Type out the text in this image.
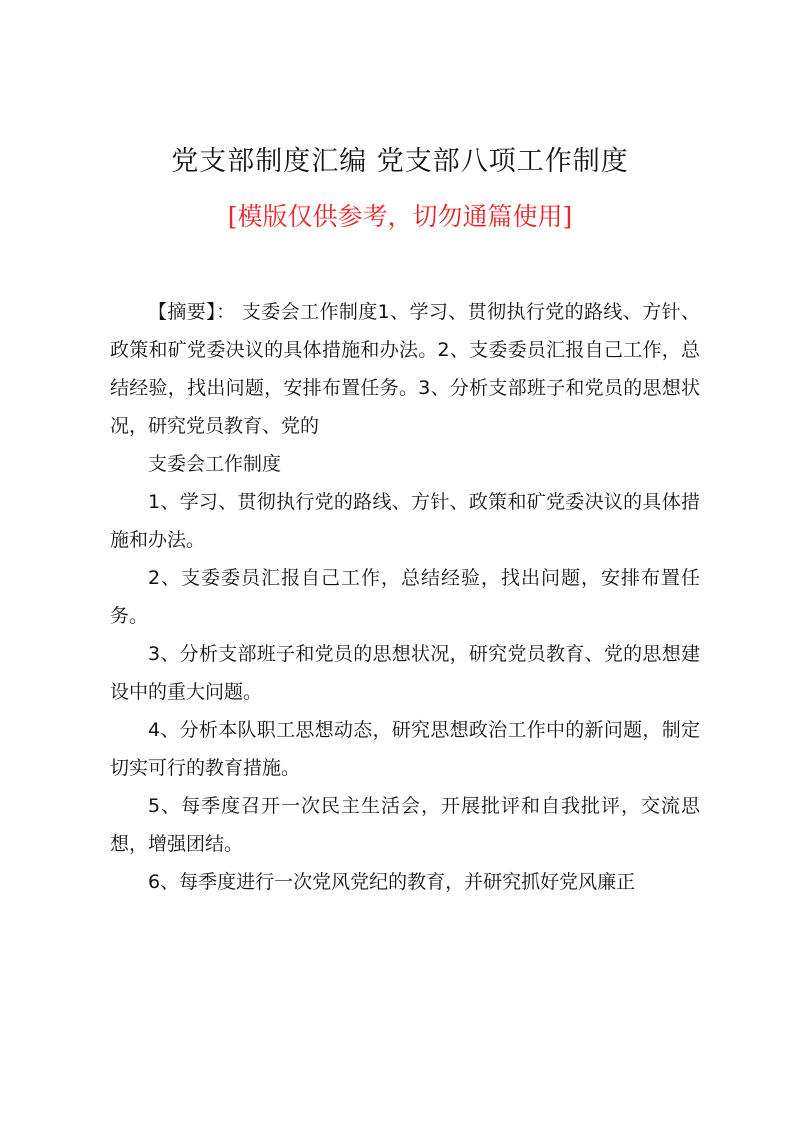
党支部制度汇编 党支部八项工作制度
[模版仅供参考，切勿通篇使用]

【摘要】： 支委会工作制度1、学习、贯彻执行党的路线、方针、政策和矿党委决议的具体措施和办法。2、支委委员汇报自己工作，总结经验，找出问题，安排布置任务。3、分析支部班子和党员的思想状况，研究党员教育、党的

支委会工作制度

1、学习、贯彻执行党的路线、方针、政策和矿党委决议的具体措施和办法。

2、支委委员汇报自己工作，总结经验，找出问题，安排布置任务。

3、分析支部班子和党员的思想状况，研究党员教育、党的思想建设中的重大问题。

4、分析本队职工思想动态，研究思想政治工作中的新问题，制定切实可行的教育措施。

5、每季度召开一次民主生活会，开展批评和自我批评，交流思想，增强团结。

6、每季度进行一次党风党纪的教育，并研究抓好党风廉正
